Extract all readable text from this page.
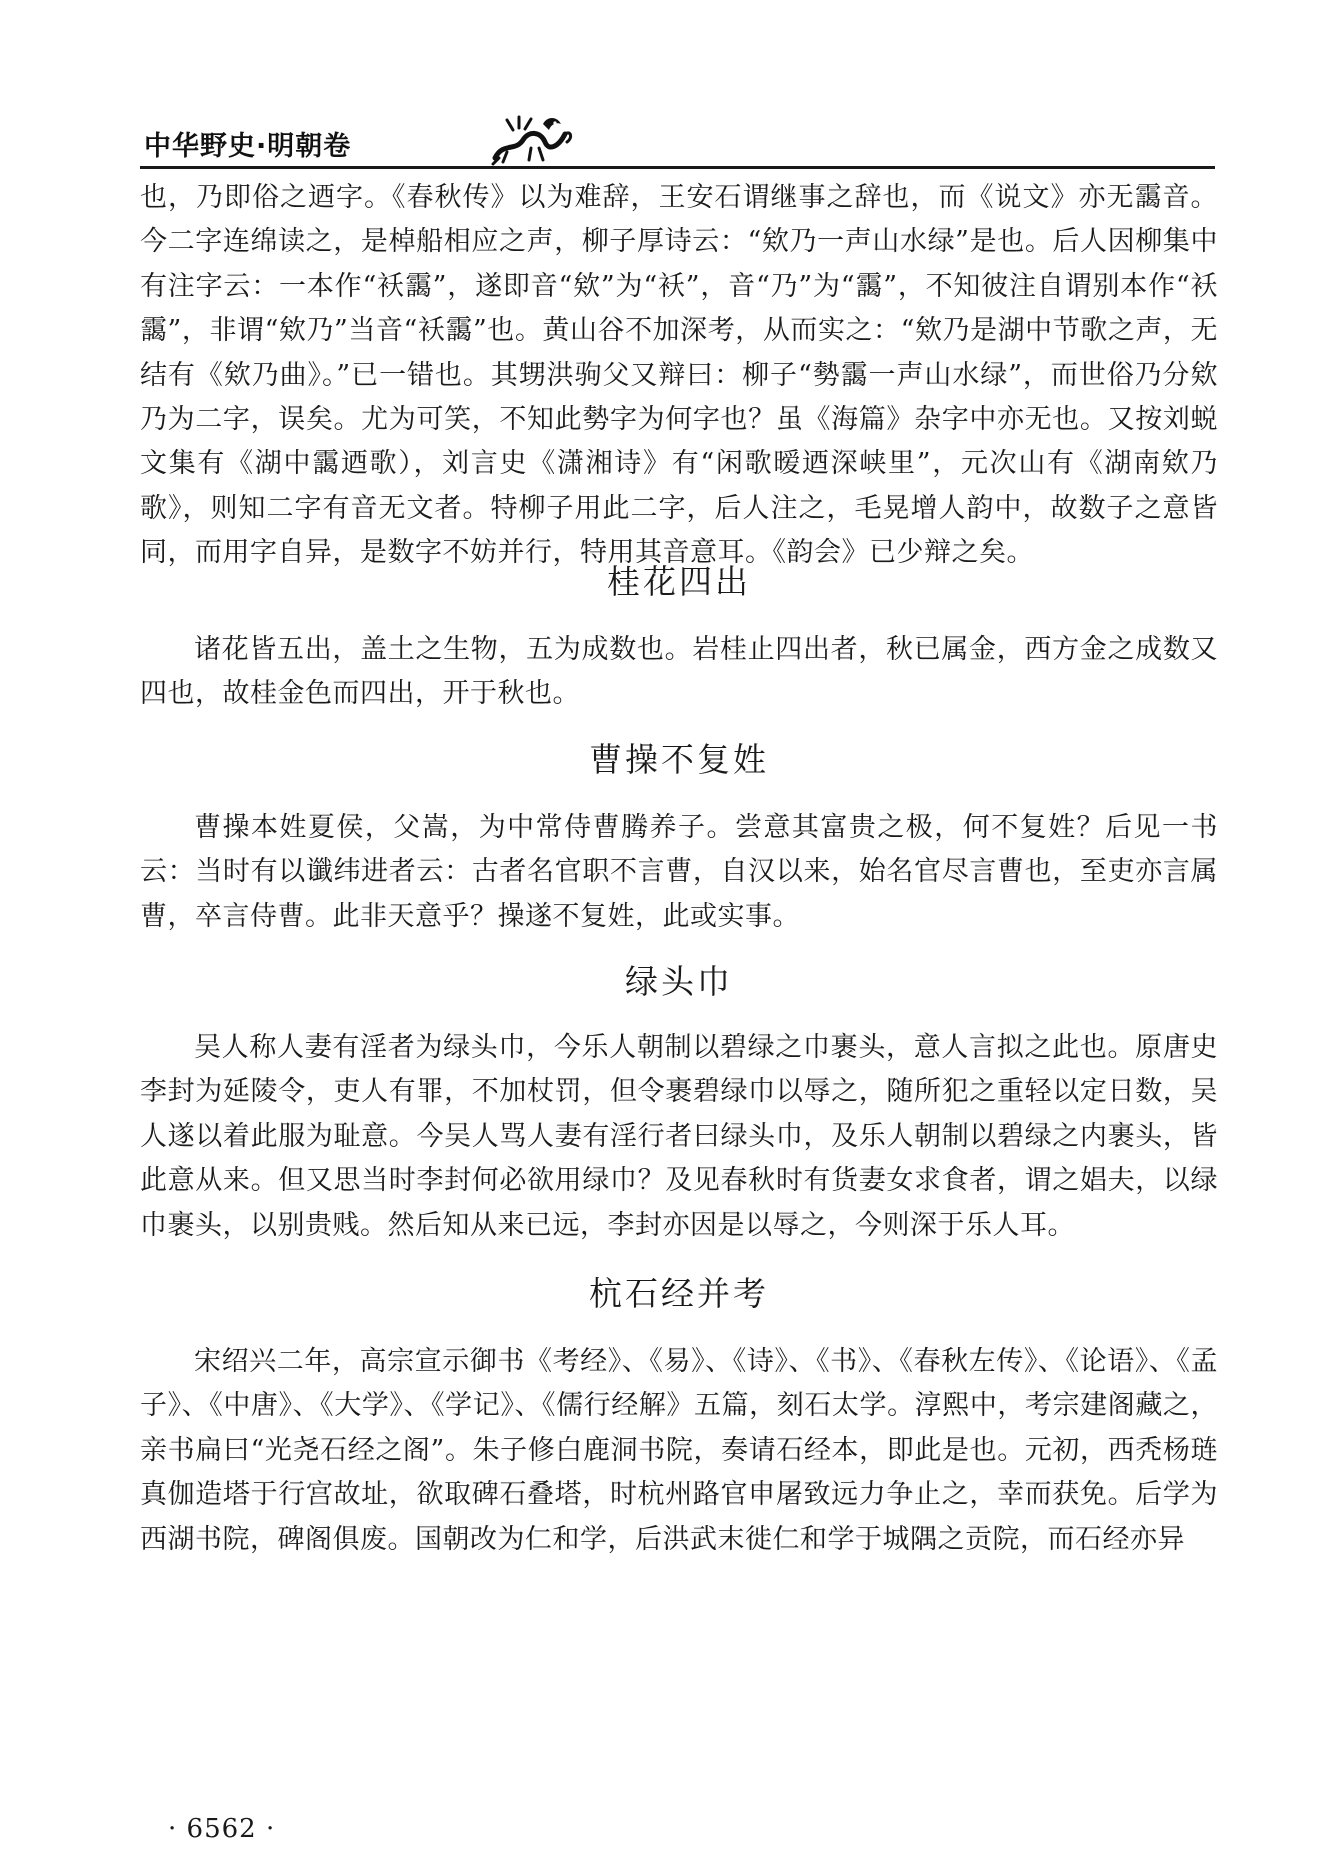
中华野史·明朝卷

也，乃即俗之迺字。《春秋传》以为难辞，王安石谓继事之辞也，而《说文》亦无靄音。今二字连绵读之，是棹船相应之声，柳子厚诗云：“欸乃一声山水绿”是也。后人因柳集中有注字云：一本作“袄靄”，遂即音“欸”为“袄”，音“乃”为“靄”，不知彼注自谓别本作“袄靄”，非谓“欸乃”当音“袄靄”也。黄山谷不加深考，从而实之：“欸乃是湖中节歌之声，无结有《欸乃曲》。”已一错也。其甥洪驹父又辩曰：柳子“勢靄一声山水绿”，而世俗乃分欸乃为二字，误矣。尤为可笑，不知此勢字为何字也？虽《海篇》杂字中亦无也。又按刘蜕文集有《湖中靄迺歌），刘言史《潇湘诗》有“闲歌暧迺深峡里”，元次山有《湖南欸乃歌》，则知二字有音无文者。特柳子用此二字，后人注之，毛晃增人韵中，故数子之意皆同，而用字自异，是数字不妨并行，特用其音意耳。《韵会》已少辩之矣。

桂花四出

诸花皆五出，盖土之生物，五为成数也。岩桂止四出者，秋已属金，西方金之成数又四也，故桂金色而四出，开于秋也。

曹操不复姓

曹操本姓夏侯，父嵩，为中常侍曹腾养子。尝意其富贵之极，何不复姓？后见一书云：当时有以谶纬进者云：古者名官职不言曹，自汉以来，始名官尽言曹也，至吏亦言属曹，卒言侍曹。此非天意乎？操遂不复姓，此或实事。

绿头巾

吴人称人妻有淫者为绿头巾，今乐人朝制以碧绿之巾裹头，意人言拟之此也。原唐史李封为延陵令，吏人有罪，不加杖罚，但令裹碧绿巾以辱之，随所犯之重轻以定日数，吴人遂以着此服为耻意。今吴人骂人妻有淫行者曰绿头巾，及乐人朝制以碧绿之内裹头，皆此意从来。但又思当时李封何必欲用绿巾？及见春秋时有货妻女求食者，谓之娼夫，以绿巾裹头，以别贵贱。然后知从来已远，李封亦因是以辱之，今则深于乐人耳。

杭石经并考

宋绍兴二年，高宗宣示御书《考经》、《易》、《诗》、《书》、《春秋左传》、《论语》、《孟子》、《中唐》、《大学》、《学记》、《儒行经解》五篇，刻石太学。淳熙中，考宗建阁藏之，亲书扁曰“光尧石经之阁”。朱子修白鹿洞书院，奏请石经本，即此是也。元初，西秃杨琏真伽造塔于行宫故址，欲取碑石叠塔，时杭州路官申屠致远力争止之，幸而获免。后学为西湖书院，碑阁俱废。国朝改为仁和学，后洪武末徙仁和学于城隅之贡院，而石经亦异

· 6562 ·
